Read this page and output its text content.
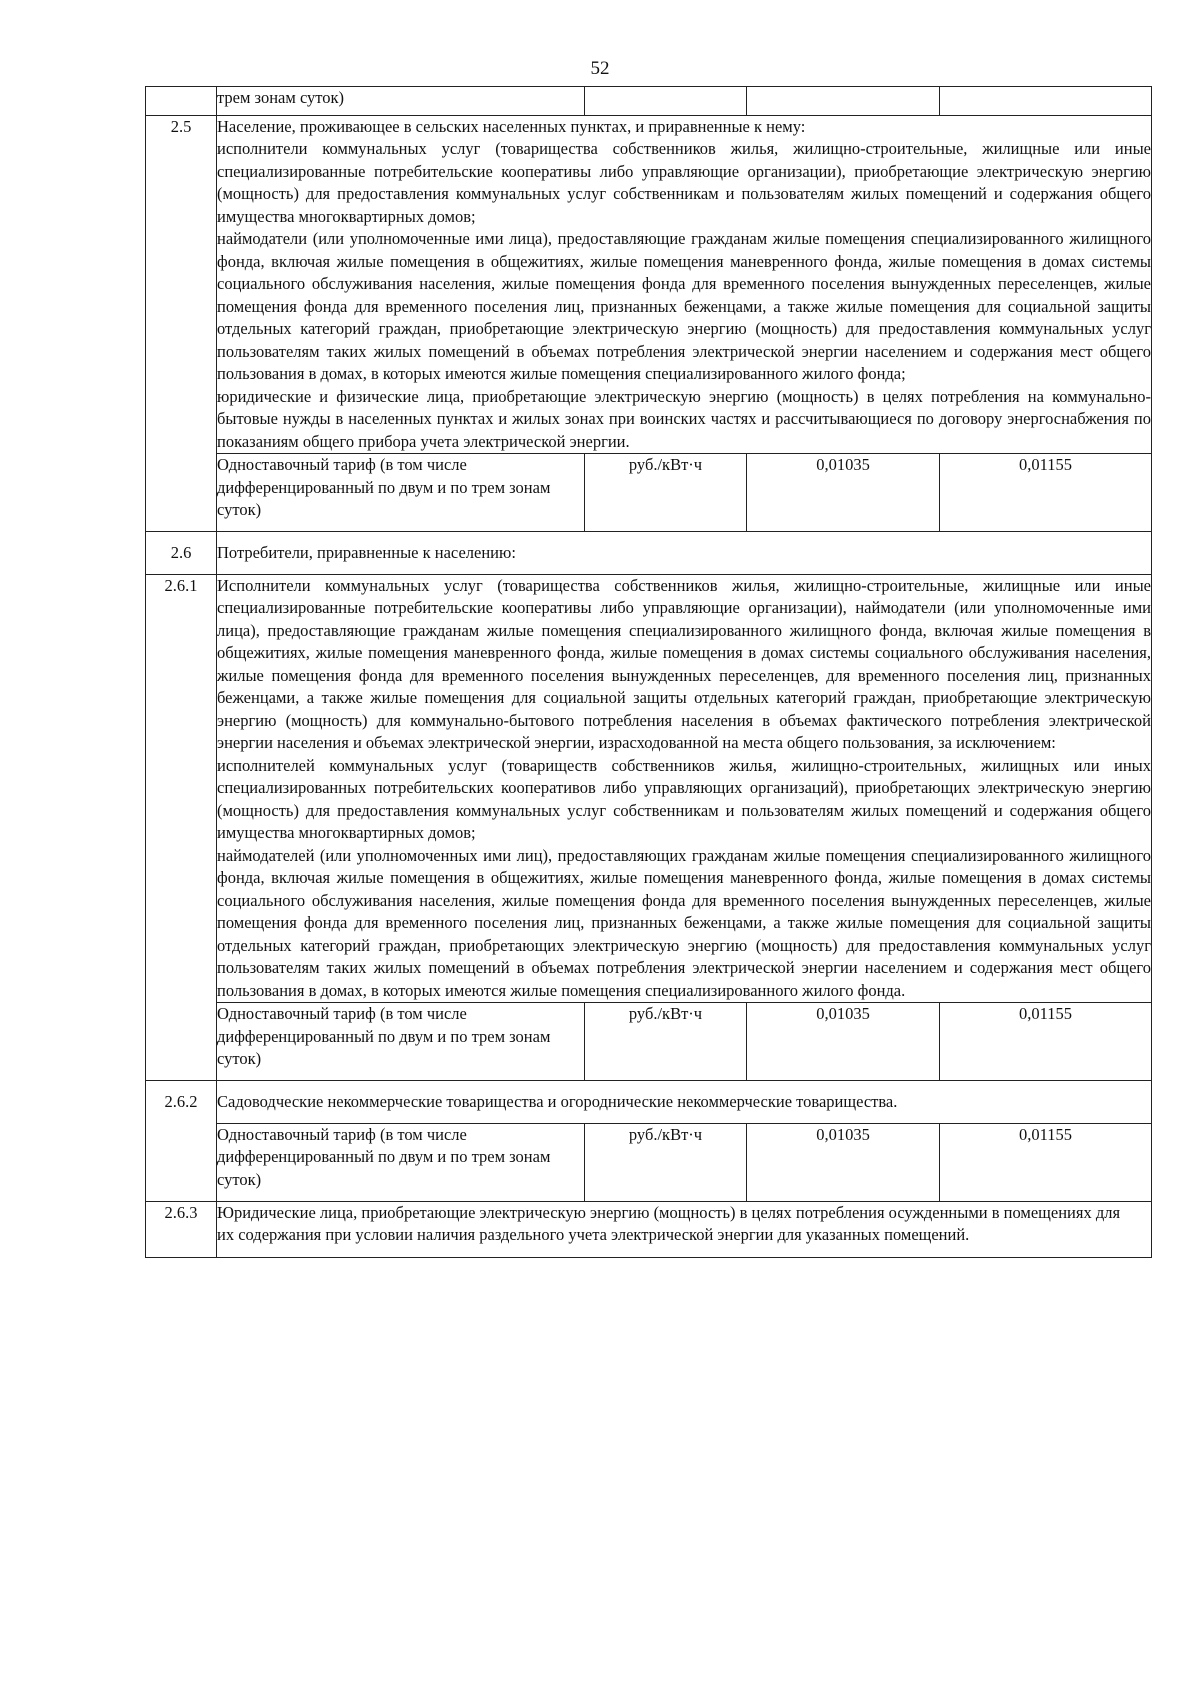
52
	трем зонам суток)			
2.5	Население, проживающее в сельских населенных пунктах, и приравненные к нему:

исполнители коммунальных услуг (товарищества собственников жилья, жилищно-строительные, жилищные или иные специализированные потребительские кооперативы либо управляющие организации), приобретающие электрическую энергию (мощность) для предоставления коммунальных услуг собственникам и пользователям жилых помещений и содержания общего имущества многоквартирных домов;

наймодатели (или уполномоченные ими лица), предоставляющие гражданам жилые помещения специализированного жилищного фонда, включая жилые помещения в общежитиях, жилые помещения маневренного фонда, жилые помещения в домах системы социального обслуживания населения, жилые помещения фонда для временного поселения вынужденных переселенцев, жилые помещения фонда для временного поселения лиц, признанных беженцами, а также жилые помещения для социальной защиты отдельных категорий граждан, приобретающие электрическую энергию (мощность) для предоставления коммунальных услуг пользователям таких жилых помещений в объемах потребления электрической энергии населением и содержания мест общего пользования в домах, в которых имеются жилые помещения специализированного жилого фонда;

юридические и физические лица, приобретающие электрическую энергию (мощность) в целях потребления на коммунально-бытовые нужды в населенных пунктах и жилых зонах при воинских частях и рассчитывающиеся по договору энергоснабжения по показаниям общего прибора учета электрической энергии.			

	Одноставочный тариф (в том числе дифференцированный по двум и по трем зонам суток)	руб./кВт·ч	0,01035	0,01155
2.6	Потребители, приравненные к населению:			

2.6.1	Исполнители коммунальных услуг (товарищества собственников жилья, жилищно-строительные, жилищные или иные специализированные потребительские кооперативы либо управляющие организации), наймодатели (или уполномоченные ими лица), предоставляющие гражданам жилые помещения специализированного жилищного фонда, включая жилые помещения в общежитиях, жилые помещения маневренного фонда, жилые помещения в домах системы социального обслуживания населения, жилые помещения фонда для временного поселения вынужденных переселенцев, для временного поселения лиц, признанных беженцами, а также жилые помещения для социальной защиты отдельных категорий граждан, приобретающие электрическую энергию (мощность) для коммунально-бытового потребления населения в объемах фактического потребления электрической энергии населения и объемах электрической энергии, израсходованной на места общего пользования, за исключением:

исполнителей коммунальных услуг (товариществ собственников жилья, жилищно-строительных, жилищных или иных специализированных потребительских кооперативов либо управляющих организаций), приобретающих электрическую энергию (мощность) для предоставления коммунальных услуг собственникам и пользователям жилых помещений и содержания общего имущества многоквартирных домов;

наймодателей (или уполномоченных ими лиц), предоставляющих гражданам жилые помещения специализированного жилищного фонда, включая жилые помещения в общежитиях, жилые помещения маневренного фонда, жилые помещения в домах системы социального обслуживания населения, жилые помещения фонда для временного поселения вынужденных переселенцев, жилые помещения фонда для временного поселения лиц, признанных беженцами, а также жилые помещения для социальной защиты отдельных категорий граждан, приобретающих электрическую энергию (мощность) для предоставления коммунальных услуг пользователям таких жилых помещений в объемах потребления электрической энергии населением и содержания мест общего пользования в домах, в которых имеются жилые помещения специализированного жилого фонда.			

	Одноставочный тариф (в том числе дифференцированный по двум и по трем зонам суток)	руб./кВт·ч	0,01035	0,01155
2.6.2	Садоводческие некоммерческие товарищества и огороднические некоммерческие товарищества.			

	Одноставочный тариф (в том числе дифференцированный по двум и по трем зонам суток)	руб./кВт·ч	0,01035	0,01155
2.6.3	Юридические лица, приобретающие электрическую энергию (мощность) в целях потребления осужденными в помещениях для их содержания при условии наличия раздельного учета электрической энергии для указанных помещений.			
